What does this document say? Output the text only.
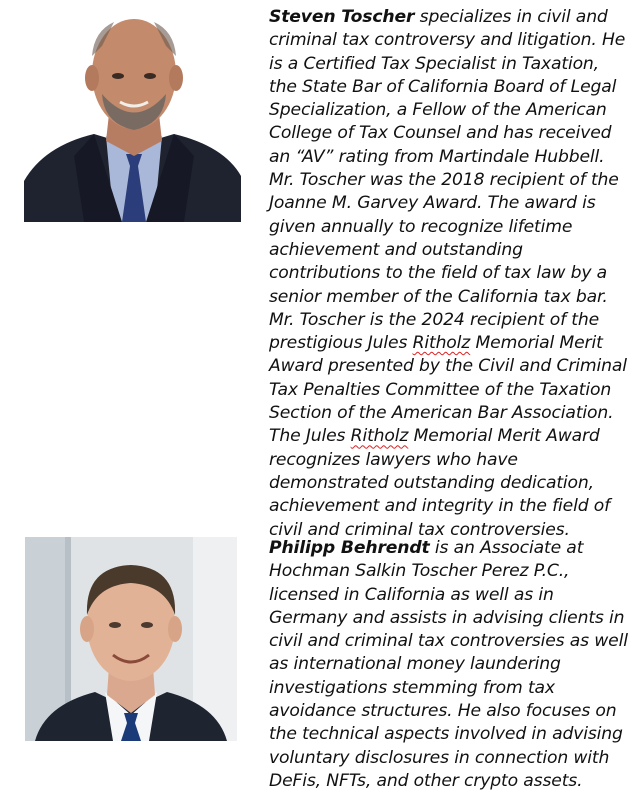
Steven Toscher specializes in civil and criminal tax controversy and litigation. He is a Certified Tax Specialist in Taxation, the State Bar of California Board of Legal Specialization, a Fellow of the American College of Tax Counsel and has received an “AV” rating from Martindale Hubbell. Mr. Toscher was the 2018 recipient of the Joanne M. Garvey Award. The award is given annually to recognize lifetime achievement and outstanding contributions to the field of tax law by a senior member of the California tax bar. Mr. Toscher is the 2024 recipient of the prestigious Jules Ritholz Memorial Merit Award presented by the Civil and Criminal Tax Penalties Committee of the Taxation Section of the American Bar Association. The Jules Ritholz Memorial Merit Award recognizes lawyers who have demonstrated outstanding dedication, achievement and integrity in the field of civil and criminal tax controversies.

Philipp Behrendt is an Associate at Hochman Salkin Toscher Perez P.C., licensed in California as well as in Germany and assists in advising clients in civil and criminal tax controversies as well as international money laundering investigations stemming from tax avoidance structures. He also focuses on the technical aspects involved in advising voluntary disclosures in connection with DeFis, NFTs, and other crypto assets.
